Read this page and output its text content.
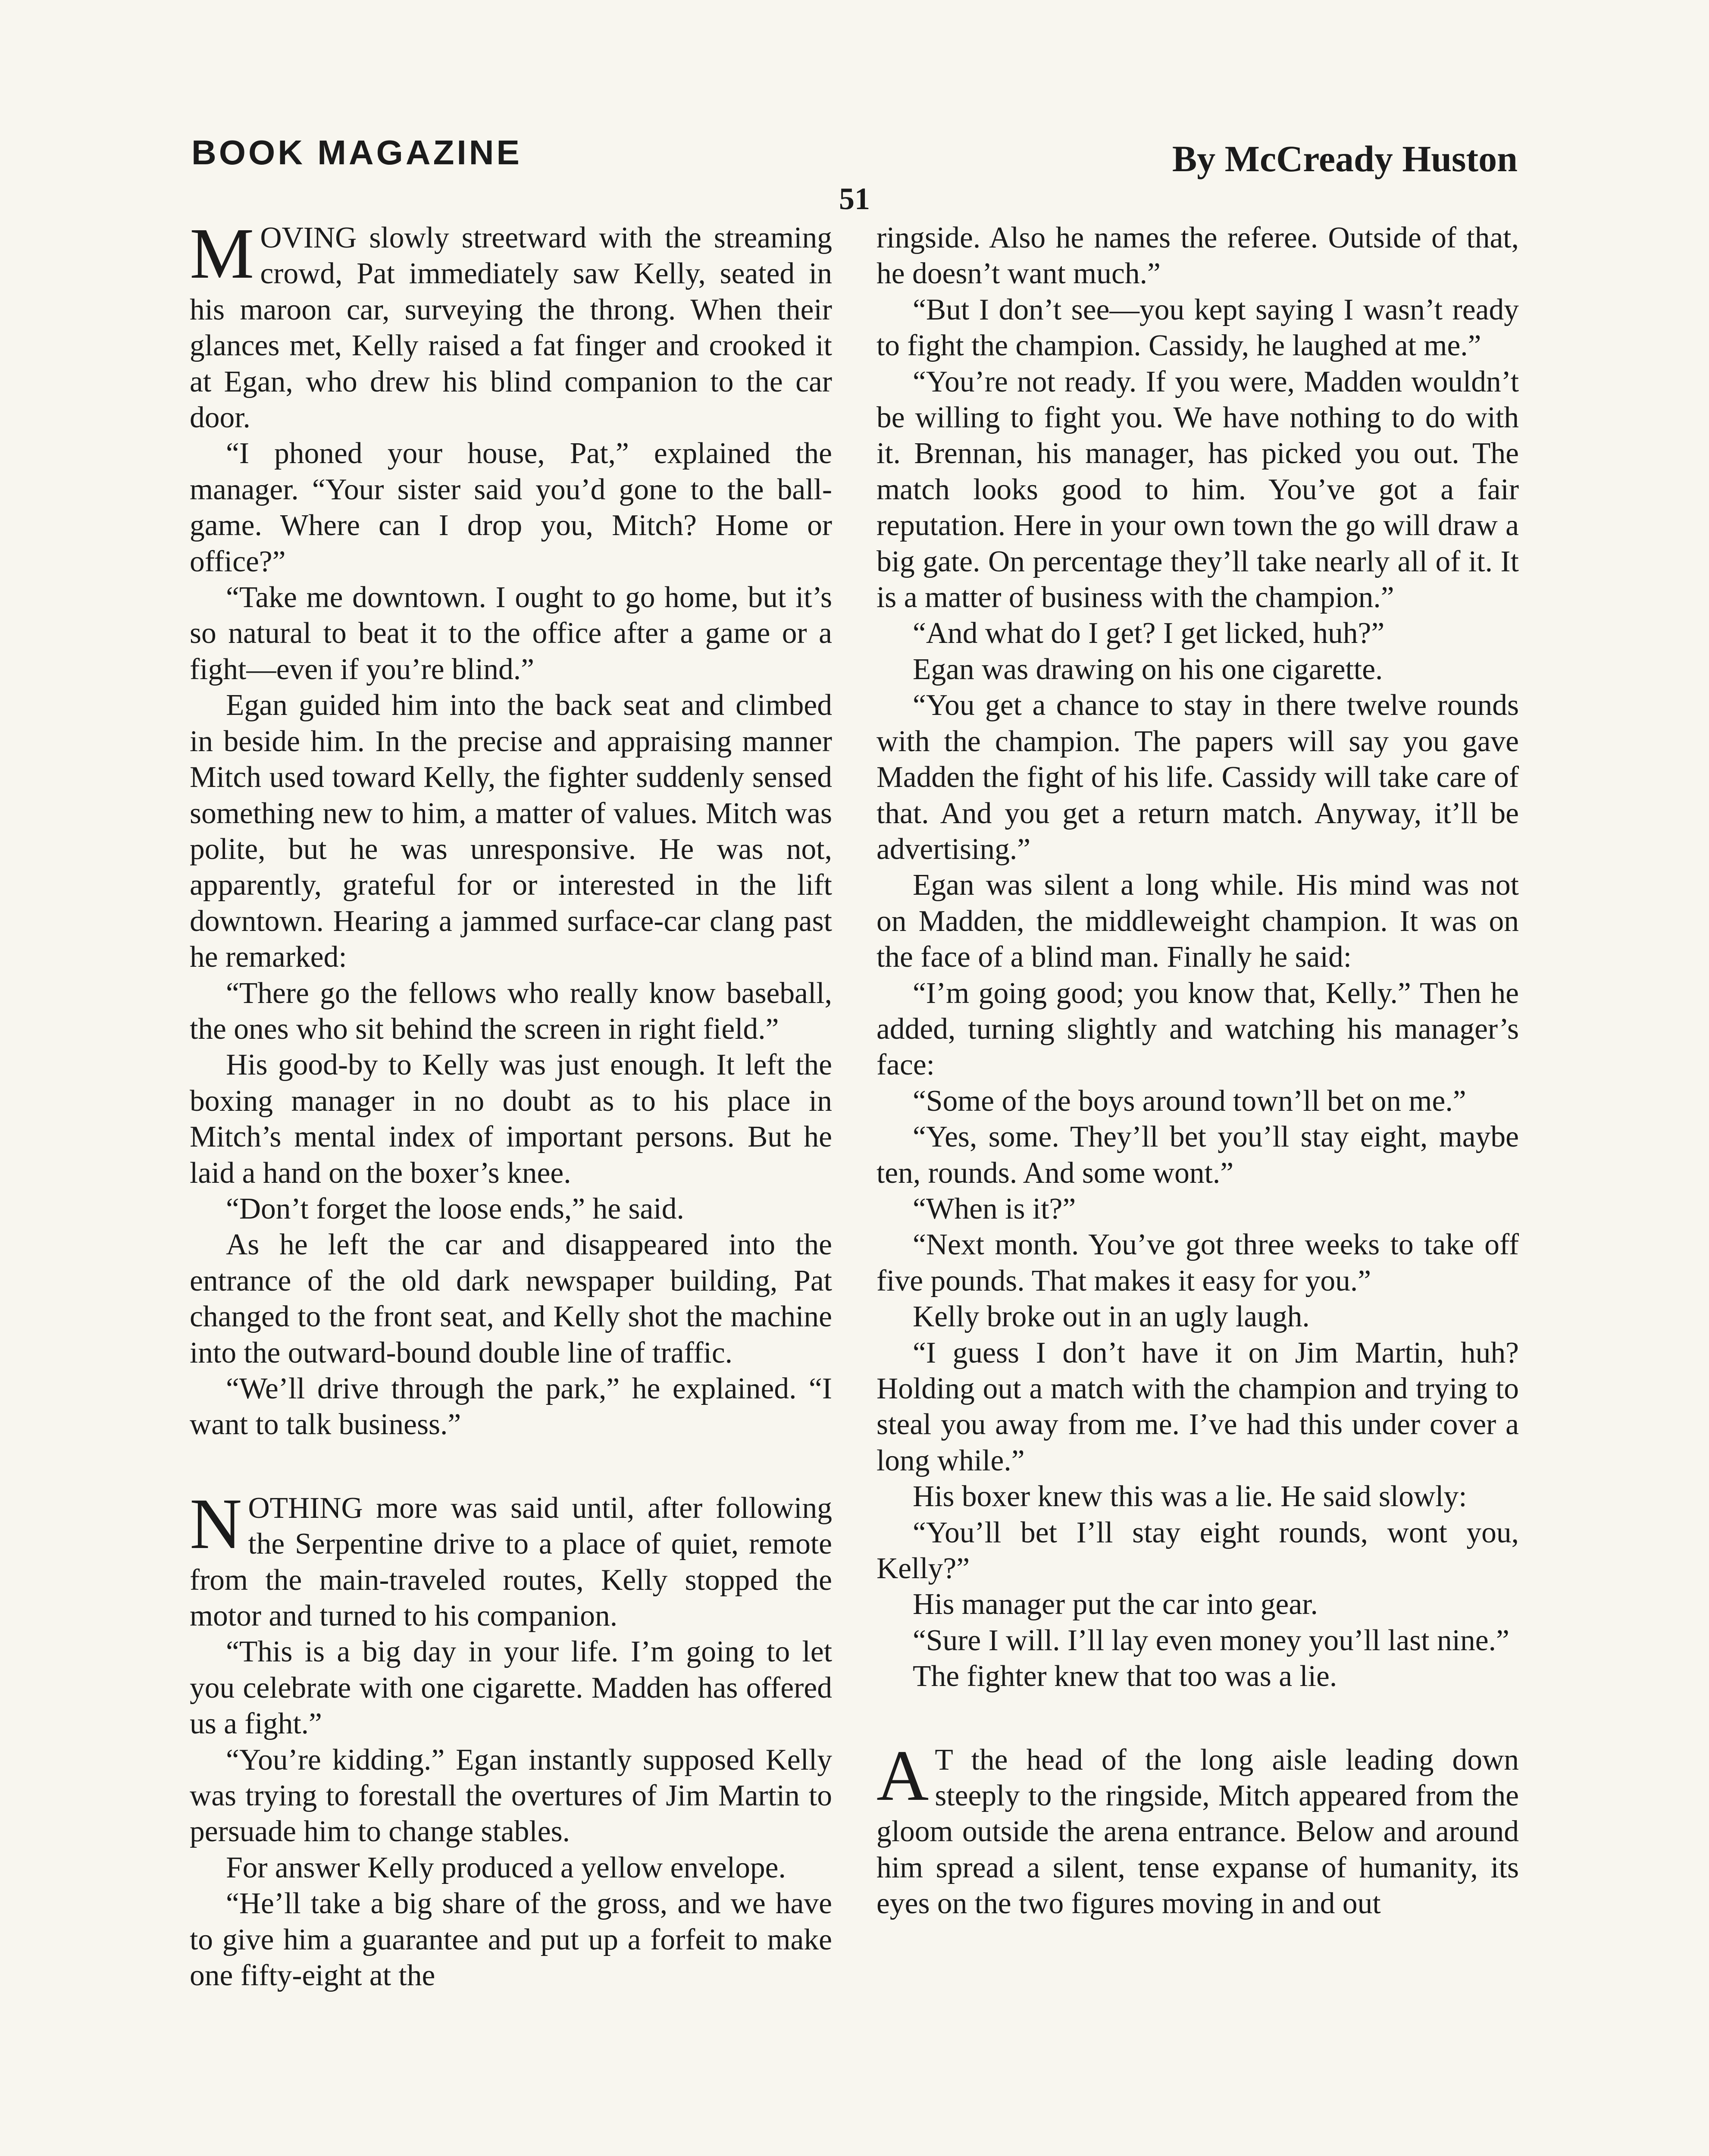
BOOK MAGAZINE	By McCready Huston
51

MOVING slowly streetward with the streaming crowd, Pat immediately saw Kelly, seated in his maroon car, surveying the throng. When their glances met, Kelly raised a fat finger and crooked it at Egan, who drew his blind companion to the car door.

“I phoned your house, Pat,” explained the manager. “Your sister said you’d gone to the ball-game. Where can I drop you, Mitch? Home or office?”

“Take me downtown. I ought to go home, but it’s so natural to beat it to the office after a game or a fight—even if you’re blind.”

Egan guided him into the back seat and climbed in beside him. In the precise and appraising manner Mitch used toward Kelly, the fighter suddenly sensed something new to him, a matter of values. Mitch was polite, but he was unresponsive. He was not, apparently, grateful for or interested in the lift downtown. Hearing a jammed surface-car clang past he remarked:

“There go the fellows who really know baseball, the ones who sit behind the screen in right field.”

His good-by to Kelly was just enough. It left the boxing manager in no doubt as to his place in Mitch’s mental index of important persons. But he laid a hand on the boxer’s knee.

“Don’t forget the loose ends,” he said.

As he left the car and disappeared into the entrance of the old dark newspaper building, Pat changed to the front seat, and Kelly shot the machine into the outward-bound double line of traffic.

“We’ll drive through the park,” he explained. “I want to talk business.”

NOTHING more was said until, after following the Serpentine drive to a place of quiet, remote from the main-traveled routes, Kelly stopped the motor and turned to his companion.

“This is a big day in your life. I’m going to let you celebrate with one cigarette. Madden has offered us a fight.”

“You’re kidding.” Egan instantly supposed Kelly was trying to forestall the overtures of Jim Martin to persuade him to change stables.

For answer Kelly produced a yellow envelope.

“He’ll take a big share of the gross, and we have to give him a guarantee and put up a forfeit to make one fifty-eight at the

ringside. Also he names the referee. Outside of that, he doesn’t want much.”

“But I don’t see—you kept saying I wasn’t ready to fight the champion. Cassidy, he laughed at me.”

“You’re not ready. If you were, Madden wouldn’t be willing to fight you. We have nothing to do with it. Brennan, his manager, has picked you out. The match looks good to him. You’ve got a fair reputation. Here in your own town the go will draw a big gate. On percentage they’ll take nearly all of it. It is a matter of business with the champion.”

“And what do I get? I get licked, huh?”

Egan was drawing on his one cigarette.

“You get a chance to stay in there twelve rounds with the champion. The papers will say you gave Madden the fight of his life. Cassidy will take care of that. And you get a return match. Anyway, it’ll be advertising.”

Egan was silent a long while. His mind was not on Madden, the middleweight champion. It was on the face of a blind man. Finally he said:

“I’m going good; you know that, Kelly.” Then he added, turning slightly and watching his manager’s face:

“Some of the boys around town’ll bet on me.”

“Yes, some. They’ll bet you’ll stay eight, maybe ten, rounds. And some wont.”

“When is it?”

“Next month. You’ve got three weeks to take off five pounds. That makes it easy for you.”

Kelly broke out in an ugly laugh.

“I guess I don’t have it on Jim Martin, huh? Holding out a match with the champion and trying to steal you away from me. I’ve had this under cover a long while.”

His boxer knew this was a lie. He said slowly:

“You’ll bet I’ll stay eight rounds, wont you, Kelly?”

His manager put the car into gear.

“Sure I will. I’ll lay even money you’ll last nine.”

The fighter knew that too was a lie.

A T the head of the long aisle leading down steeply to the ringside, Mitch appeared from the gloom outside the arena entrance. Below and around him spread a silent, tense expanse of humanity, its eyes on the two figures moving in and out
